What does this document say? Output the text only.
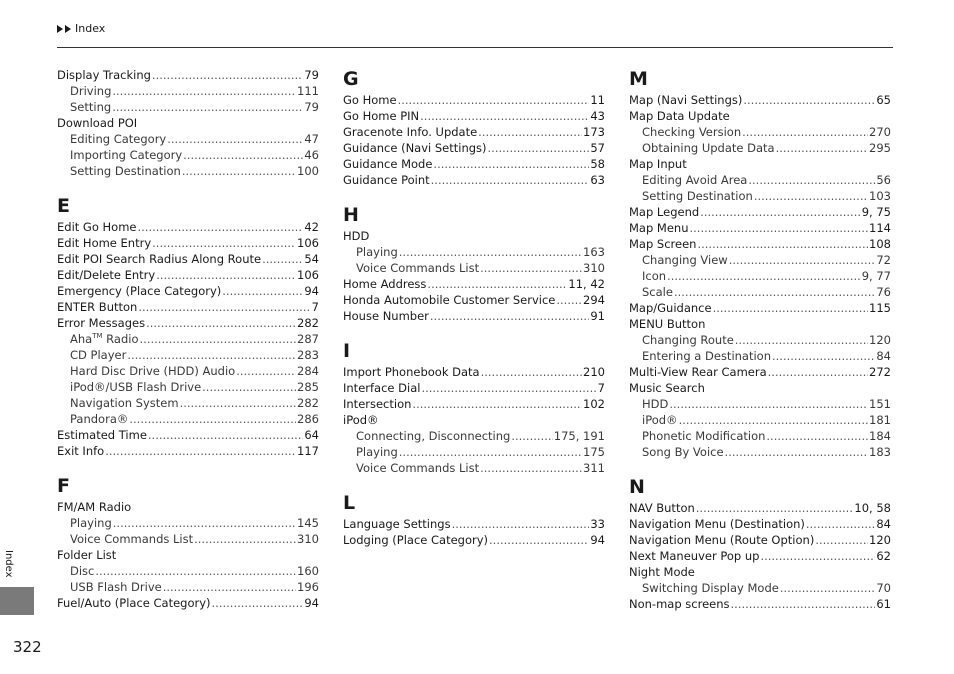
Index
Display Tracking .....	79
Driving .....	111
Setting .....	79
Download POI
Editing Category .....	47
Importing Category .....	46
Setting Destination .....	100
E
Edit Go Home .....	42
Edit Home Entry .....	106
Edit POI Search Radius Along Route .....	54
Edit/Delete Entry .....	106
Emergency (Place Category) .....	94
ENTER Button .....	7
Error Messages .....	282
Aha™ Radio .....	287
CD Player .....	283
Hard Disc Drive (HDD) Audio .....	284
iPod®/USB Flash Drive .....	285
Navigation System .....	282
Pandora® .....	286
Estimated Time .....	64
Exit Info .....	117
F
FM/AM Radio
Playing .....	145
Voice Commands List .....	310
Folder List
Disc .....	160
USB Flash Drive .....	196
Fuel/Auto (Place Category) .....	94
G
Go Home .....	11
Go Home PIN .....	43
Gracenote Info. Update .....	173
Guidance (Navi Settings) .....	57
Guidance Mode .....	58
Guidance Point .....	63
H
HDD
Playing .....	163
Voice Commands List .....	310
Home Address .....	11, 42
Honda Automobile Customer Service ..... 294
House Number .....	91
I
Import Phonebook Data .....	210
Interface Dial .....	7
Intersection .....	102
iPod®
Connecting, Disconnecting .....	175, 191
Playing .....	175
Voice Commands List .....	311
L
Language Settings .....	33
Lodging (Place Category) .....	94
M
Map (Navi Settings) .....	65
Map Data Update
Checking Version .....	270
Obtaining Update Data .....	295
Map Input
Editing Avoid Area .....	56
Setting Destination .....	103
Map Legend .....	9, 75
Map Menu .....	114
Map Screen .....	108
Changing View .....	72
Icon .....	9, 77
Scale .....	76
Map/Guidance .....	115
MENU Button
Changing Route .....	120
Entering a Destination .....	84
Multi-View Rear Camera .....	272
Music Search
HDD .....	151
iPod® .....	181
Phonetic Modification .....	184
Song By Voice .....	183
N
NAV Button .....	10, 58
Navigation Menu (Destination) .....	84
Navigation Menu (Route Option) .....	120
Next Maneuver Pop up .....	62
Night Mode
Switching Display Mode .....	70
Non-map screens .....	61
Index
322
